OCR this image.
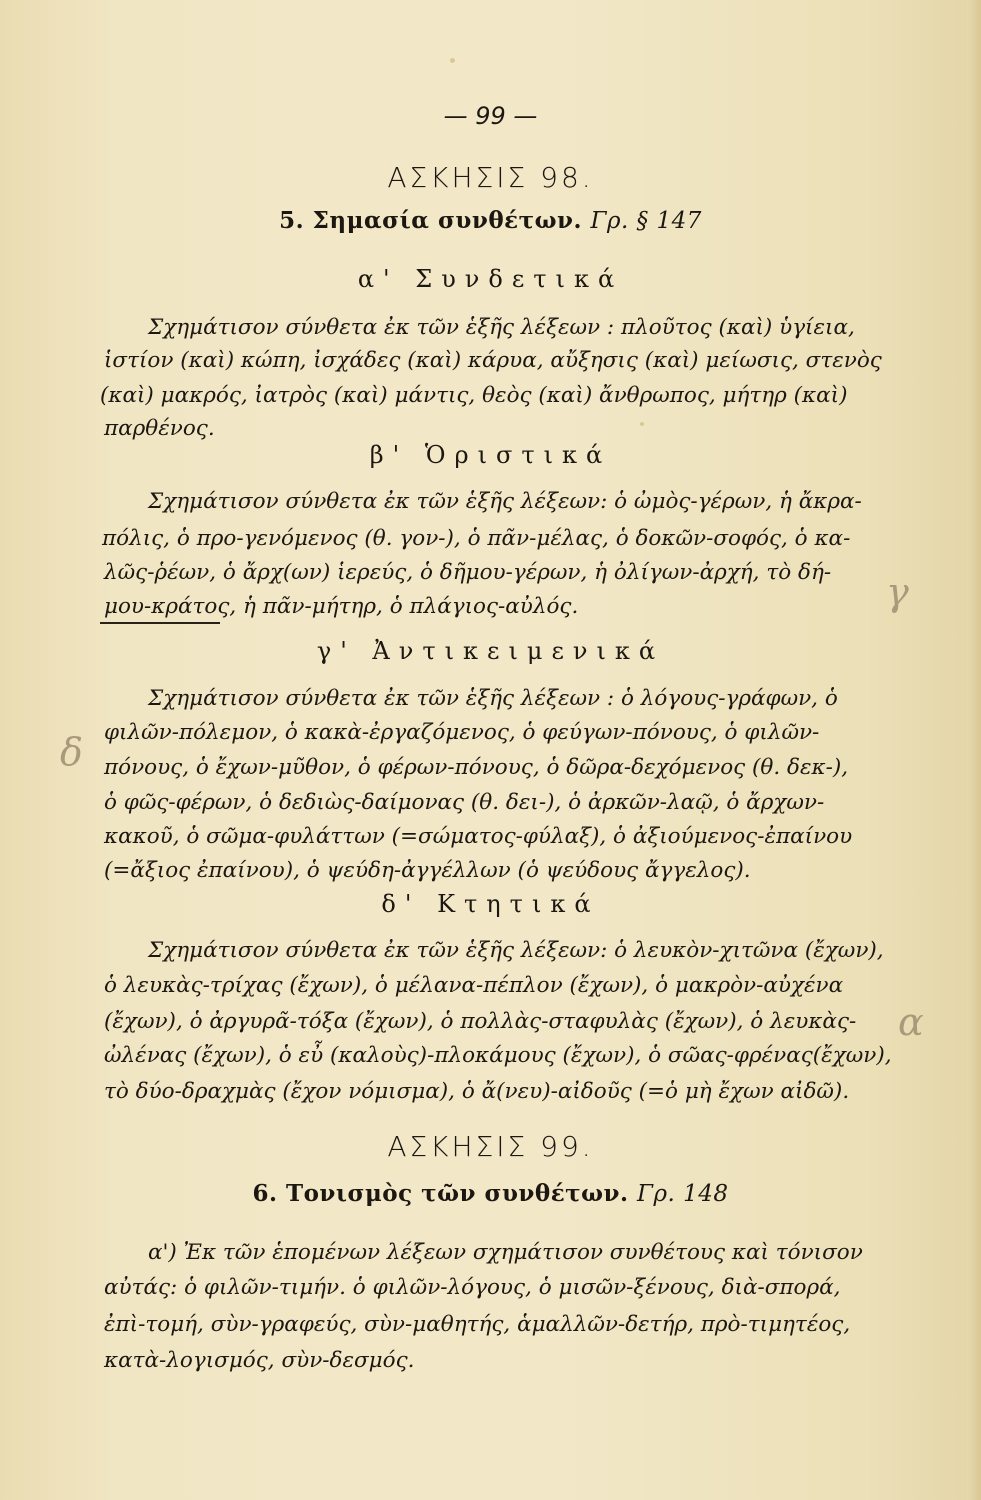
— 99 —
ΑΣΚΗΣΙΣ 98.
5. Σημασία συνθέτων. Γρ. § 147
α' Συνδετικά
Σχημάτισον σύνθετα ἐκ τῶν ἑξῆς λέξεων : πλοῦτος (καὶ) ὑγίεια,
ἱστίον (καὶ) κώπη, ἰσχάδες (καὶ) κάρυα, αὔξησις (καὶ) μείωσις, στενὸς
(καὶ) μακρός, ἰατρὸς (καὶ) μάντις, θεὸς (καὶ) ἄνθρωπος, μήτηρ (καὶ)
παρθένος.
β' Ὁριστικά
Σχημάτισον σύνθετα ἐκ τῶν ἑξῆς λέξεων: ὁ ὠμὸς-γέρων, ἡ ἄκρα-
πόλις, ὁ προ-γενόμενος (θ. γον-), ὁ πᾶν-μέλας, ὁ δοκῶν-σοφός, ὁ κα-
λῶς-ῥέων, ὁ ἄρχ(ων) ἱερεύς, ὁ δῆμου-γέρων, ἡ ὀλίγων-ἀρχή, τὸ δή-
μου-κράτος, ἡ πᾶν-μήτηρ, ὁ πλάγιος-αὐλός.
γ' Ἀντικειμενικά
Σχημάτισον σύνθετα ἐκ τῶν ἑξῆς λέξεων : ὁ λόγους-γράφων, ὁ
φιλῶν-πόλεμον, ὁ κακὰ-ἐργαζόμενος, ὁ φεύγων-πόνους, ὁ φιλῶν-
πόνους, ὁ ἔχων-μῦθον, ὁ φέρων-πόνους, ὁ δῶρα-δεχόμενος (θ. δεκ-),
ὁ φῶς-φέρων, ὁ δεδιὼς-δαίμονας (θ. δει-), ὁ ἀρκῶν-λαῷ, ὁ ἄρχων-
κακοῦ, ὁ σῶμα-φυλάττων (=σώματος-φύλαξ), ὁ ἀξιούμενος-ἐπαίνου
(=ἄξιος ἐπαίνου), ὁ ψεύδη-ἀγγέλλων (ὁ ψεύδους ἄγγελος).
δ' Κτητικά
Σχημάτισον σύνθετα ἐκ τῶν ἑξῆς λέξεων: ὁ λευκὸν-χιτῶνα (ἔχων),
ὁ λευκὰς-τρίχας (ἔχων), ὁ μέλανα-πέπλον (ἔχων), ὁ μακρὸν-αὐχένα
(ἔχων), ὁ ἀργυρᾶ-τόξα (ἔχων), ὁ πολλὰς-σταφυλὰς (ἔχων), ὁ λευκὰς-
ὠλένας (ἔχων), ὁ εὖ (καλοὺς)-πλοκάμους (ἔχων), ὁ σῶας-φρένας(ἔχων),
τὸ δύο-δραχμὰς (ἔχον νόμισμα), ὁ ἄ(νευ)-αἰδοῦς (=ὁ μὴ ἔχων αἰδῶ).
ΑΣΚΗΣΙΣ 99.
6. Τονισμὸς τῶν συνθέτων. Γρ. 148
α') Ἐκ τῶν ἑπομένων λέξεων σχημάτισον συνθέτους καὶ τόνισον
αὐτάς: ὁ φιλῶν-τιμήν. ὁ φιλῶν-λόγους, ὁ μισῶν-ξένους, διὰ-σπορά,
ἐπὶ-τομή, σὺν-γραφεύς, σὺν-μαθητής, ἁμαλλῶν-δετήρ, πρὸ-τιμητέος,
κατὰ-λογισμός, σὺν-δεσμός.
γ
δ
α
